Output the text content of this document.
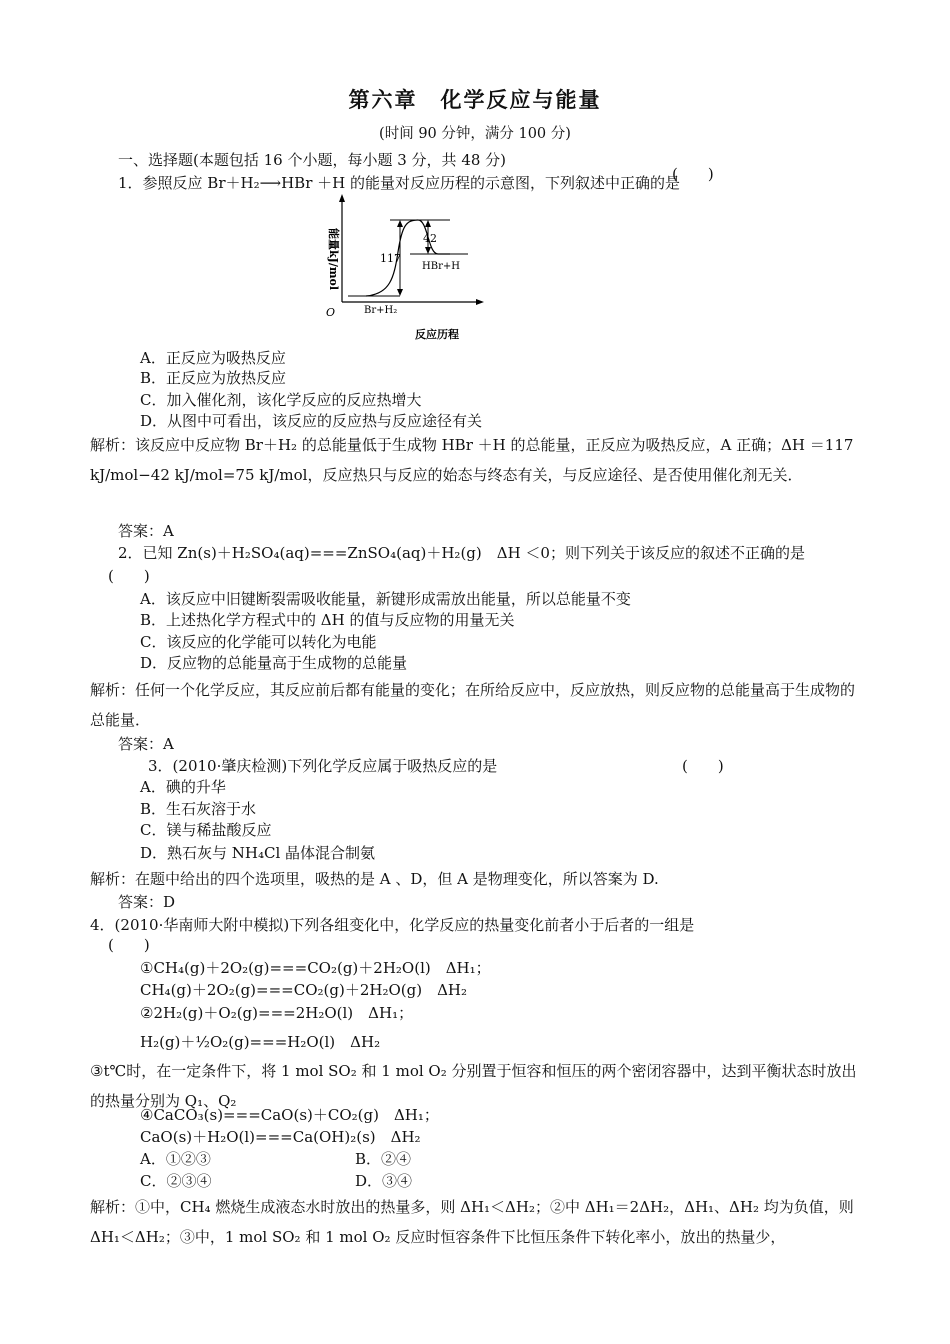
第六章　化学反应与能量
(时间 90 分钟，满分 100 分)
一、选择题(本题包括 16 个小题，每小题 3 分，共 48 分)
1．参照反应 Br＋H₂⟶HBr ＋H 的能量对反应历程的示意图，下列叙述中正确的是
(　　)
能量kJ/mol
O
反应历程
117
42
Br+H₂
HBr+H
A．正反应为吸热反应
B．正反应为放热反应
C．加入催化剂，该化学反应的反应热增大
D．从图中可看出，该反应的反应热与反应途径有关
解析：该反应中反应物 Br＋H₂ 的总能量低于生成物 HBr ＋H 的总能量，正反应为吸热反应，A 正确；ΔH ＝117 kJ/mol−42 kJ/mol=75 kJ/mol，反应热只与反应的始态与终态有关，与反应途径、是否使用催化剂无关．
答案：A
2．已知 Zn(s)＋H₂SO₄(aq)===ZnSO₄(aq)＋H₂(g)　ΔH ＜0；则下列关于该反应的叙述不正确的是
(　　)
A．该反应中旧键断裂需吸收能量，新键形成需放出能量，所以总能量不变
B．上述热化学方程式中的 ΔH 的值与反应物的用量无关
C．该反应的化学能可以转化为电能
D．反应物的总能量高于生成物的总能量
解析：任何一个化学反应，其反应前后都有能量的变化；在所给反应中，反应放热，则反应物的总能量高于生成物的总能量．
答案：A
3．(2010·肇庆检测)下列化学反应属于吸热反应的是	(　　)
A．碘的升华
B．生石灰溶于水
C．镁与稀盐酸反应
D．熟石灰与 NH₄Cl 晶体混合制氨
解析：在题中给出的四个选项里，吸热的是 A 、D，但 A 是物理变化，所以答案为 D.
答案：D
4．(2010·华南师大附中模拟)下列各组变化中，化学反应的热量变化前者小于后者的一组是
(　　)
①CH₄(g)＋2O₂(g)===CO₂(g)＋2H₂O(l)　ΔH₁；
CH₄(g)＋2O₂(g)===CO₂(g)＋2H₂O(g)　ΔH₂
②2H₂(g)＋O₂(g)===2H₂O(l)　ΔH₁；
H₂(g)＋½O₂(g)===H₂O(l)　ΔH₂
③t℃时，在一定条件下，将 1 mol SO₂ 和 1 mol O₂ 分别置于恒容和恒压的两个密闭容器中，达到平衡状态时放出的热量分别为 Q₁、Q₂
④CaCO₃(s)===CaO(s)＋CO₂(g)　ΔH₁；
CaO(s)＋H₂O(l)===Ca(OH)₂(s)　ΔH₂
A．①②③	B．②④
C．②③④	D．③④
解析：①中，CH₄ 燃烧生成液态水时放出的热量多，则 ΔH₁＜ΔH₂；②中 ΔH₁＝2ΔH₂，ΔH₁、ΔH₂ 均为负值，则 ΔH₁＜ΔH₂；③中，1 mol SO₂ 和 1 mol O₂ 反应时恒容条件下比恒压条件下转化率小，放出的热量少，
